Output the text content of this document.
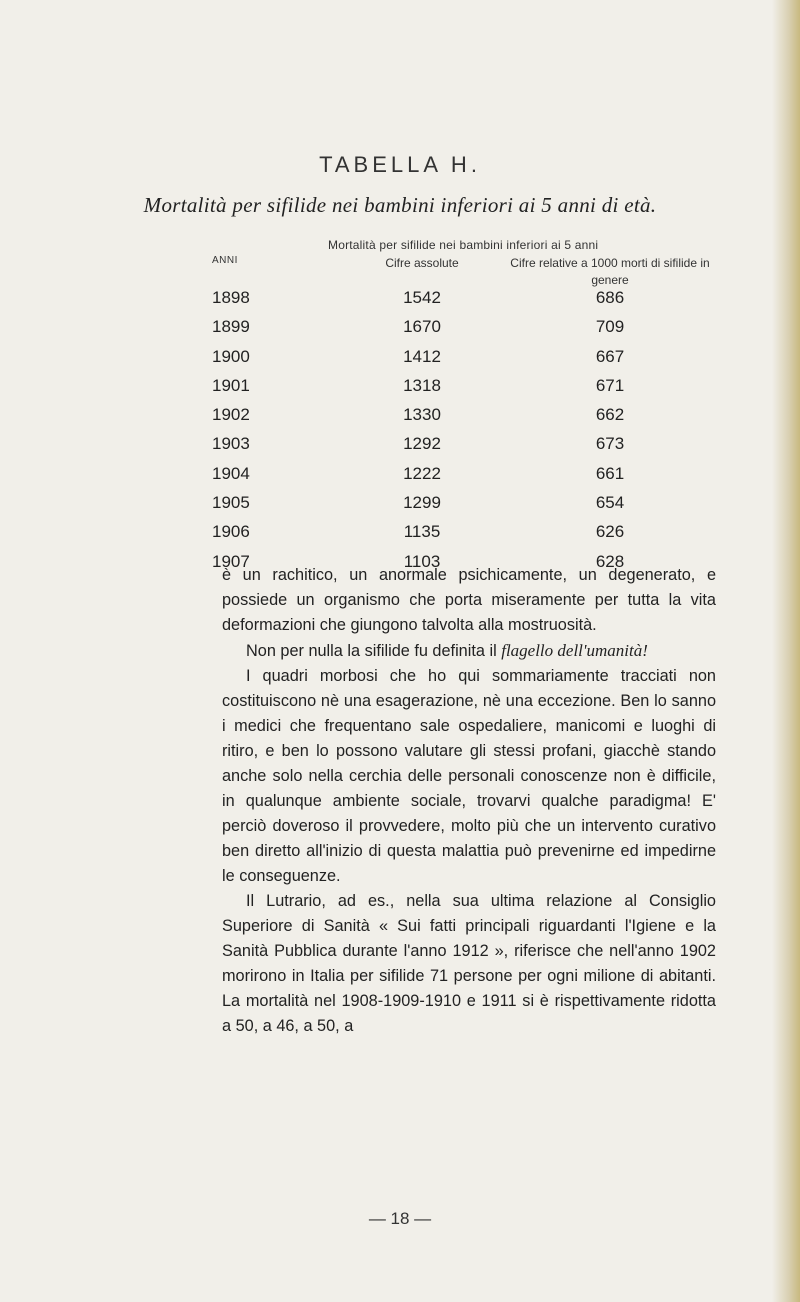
TABELLA H.
Mortalità per sifilide nei bambini inferiori ai 5 anni di età.
Mortalità per sifilide nei bambini inferiori ai 5 anni
ANNI	Cifre assolute	Cifre relative a 1000 morti di sifilide in genere
1898	1542	686
1899	1670	709
1900	1412	667
1901	1318	671
1902	1330	662
1903	1292	673
1904	1222	661
1905	1299	654
1906	1135	626
1907	1103	628

è un rachitico, un anormale psichicamente, un degenerato, e possiede un organismo che porta miseramente per tutta la vita deformazioni che giungono talvolta alla mostruosità.

Non per nulla la sifilide fu definita il flagello dell'umanità!

I quadri morbosi che ho qui sommariamente tracciati non costituiscono nè una esagerazione, nè una eccezione. Ben lo sanno i medici che frequentano sale ospedaliere, manicomi e luoghi di ritiro, e ben lo possono valutare gli stessi profani, giacchè stando anche solo nella cerchia delle personali conoscenze non è difficile, in qualunque ambiente sociale, trovarvi qualche paradigma! E' perciò doveroso il provvedere, molto più che un intervento curativo ben diretto all'inizio di questa malattia può prevenirne ed impedirne le conseguenze.

Il Lutrario, ad es., nella sua ultima relazione al Consiglio Superiore di Sanità « Sui fatti principali riguardanti l'Igiene e la Sanità Pubblica durante l'anno 1912 », riferisce che nell'anno 1902 morirono in Italia per sifilide 71 persone per ogni milione di abitanti. La mortalità nel 1908-1909-1910 e 1911 si è rispettivamente ridotta a 50, a 46, a 50, a

— 18 —
